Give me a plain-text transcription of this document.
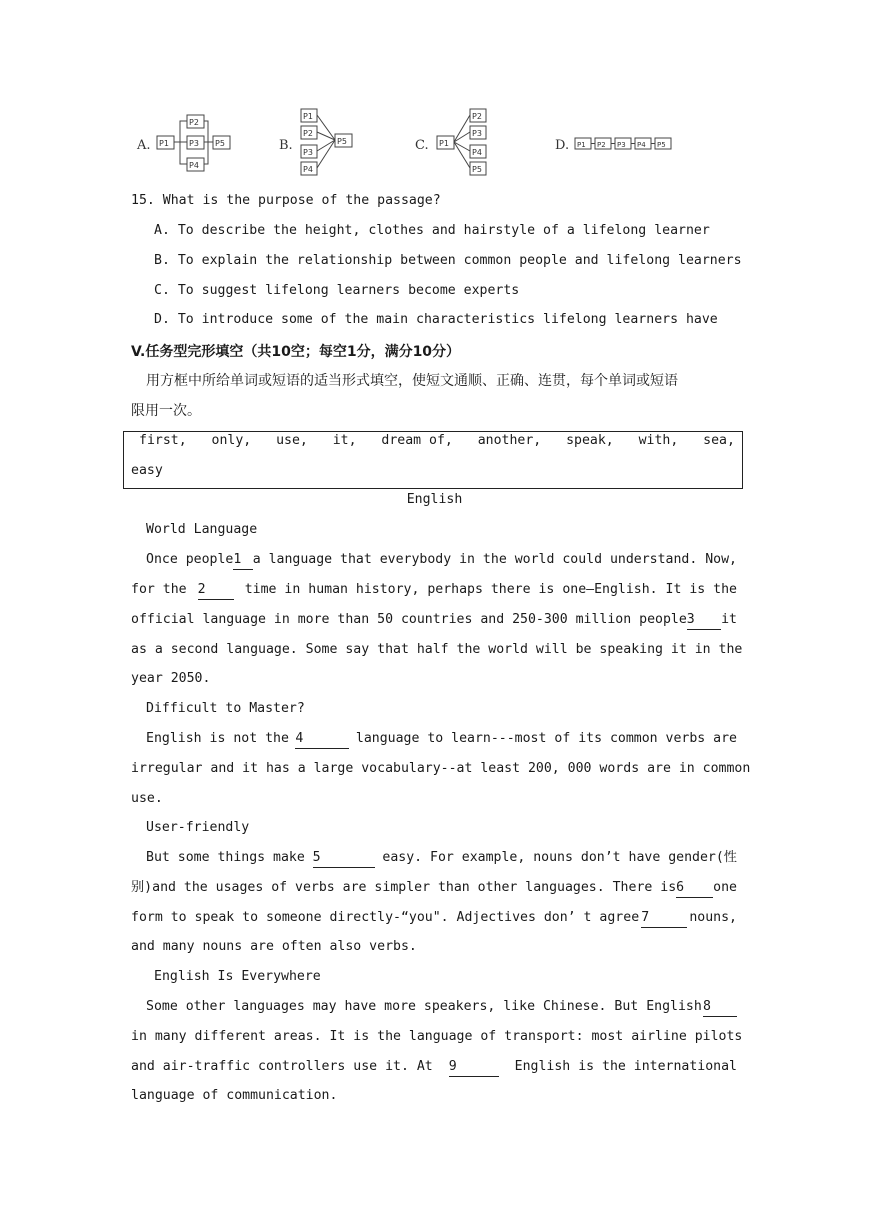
A. P1
P2
P3
P4
P5	B.
P1
P2
P3
P4
P5	C. P1
P2
P3
P4
P5
D. P1 P2 P3 P4 P5
15. What is the purpose of the passage?
A. To describe the height, clothes and hairstyle of a lifelong learner
B. To explain the relationship between common people and lifelong learners
C. To suggest lifelong learners become experts
D. To introduce some of the main characteristics lifelong learners have
V.任务型完形填空（共10空；每空1分，满分10分）
用方框中所给单词或短语的适当形式填空，使短文通顺、正确、连贯，每个单词或短语
限用一次。
first, only, use, it, dream of, another, speak, with, sea,
easy
English
World Language
Once people 1 a language that everybody in the world could understand. Now,
for the 2	time in human history, perhaps there is one—English. It is the
official language in more than 50 countries and 250-300 million people 3	it
as a second language. Some say that half the world will be speaking it in the
year 2050.
Difficult to Master?
English is not the 4	language to learn---most of its common verbs are
irregular and it has a large vocabulary--at least 200, 000 words are in common
use.
User-friendly
But some things make 5	easy. For example, nouns don’t have gender(性
别)and the usages of verbs are simpler than other languages. There is 6	one
form to speak to someone directly-“you". Adjectives don’ t agree 7	nouns,
and many nouns are often also verbs.
English Is Everywhere
Some other languages may have more speakers, like Chinese. But English 8
in many different areas. It is the language of transport: most airline pilots
and air-traffic controllers use it. At 9	English is the international
language of communication.
